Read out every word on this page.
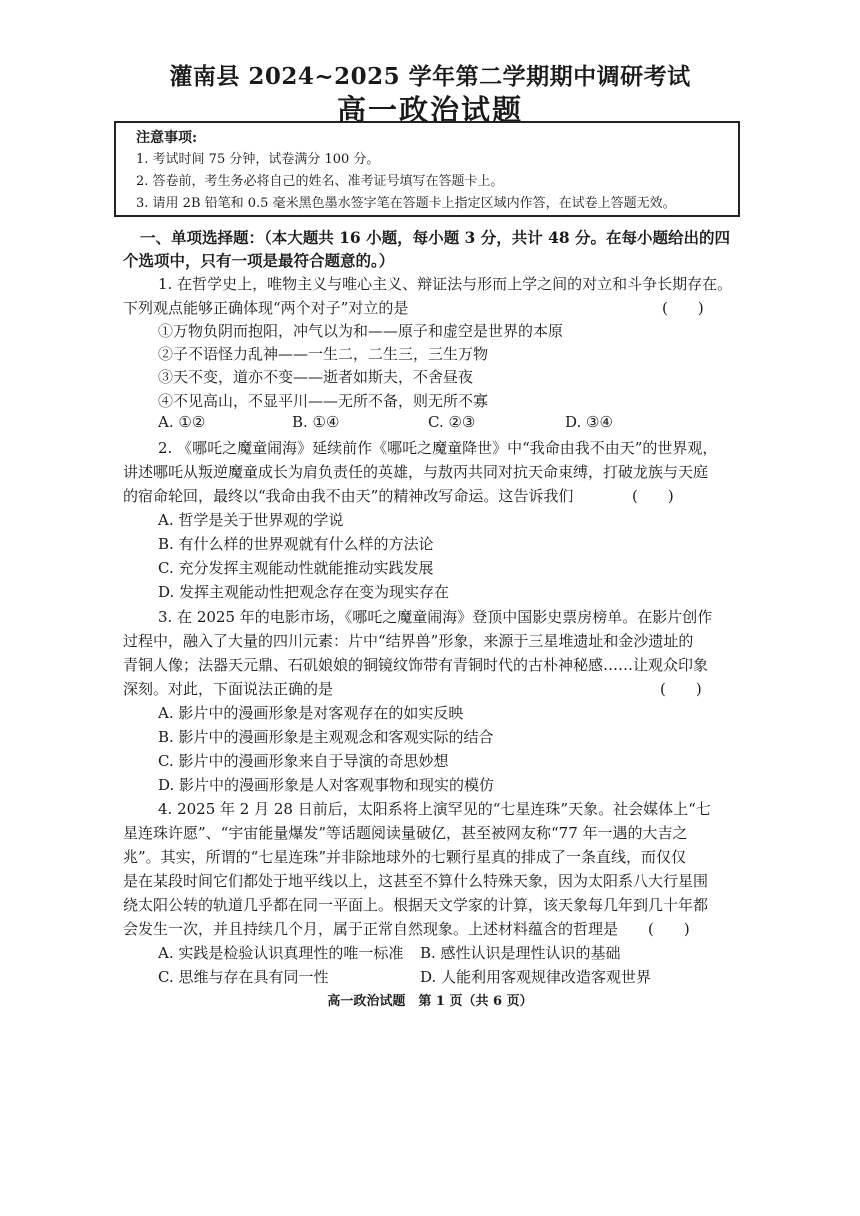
灌南县 2024~2025 学年第二学期期中调研考试
高一政治试题
注意事项:
1. 考试时间 75 分钟，试卷满分 100 分。
2. 答卷前，考生务必将自己的姓名、准考证号填写在答题卡上。
3. 请用 2B 铅笔和 0.5 毫米黑色墨水签字笔在答题卡上指定区域内作答，在试卷上答题无效。
一、单项选择题：（本大题共 16 小题，每小题 3 分，共计 48 分。在每小题给出的四
个选项中，只有一项是最符合题意的。）
1. 在哲学史上，唯物主义与唯心主义、辩证法与形而上学之间的对立和斗争长期存在。
下列观点能够正确体现“两个对子”对立的是	(　　)
①万物负阴而抱阳，冲气以为和——原子和虚空是世界的本原
②子不语怪力乱神——一生二，二生三，三生万物
③天不变，道亦不变——逝者如斯夫，不舍昼夜
④不见高山，不显平川——无所不备，则无所不寡
A. ①②	B. ①④	C. ②③	D. ③④
2. 《哪吒之魔童闹海》延续前作《哪吒之魔童降世》中“我命由我不由天”的世界观，
讲述哪吒从叛逆魔童成长为肩负责任的英雄，与敖丙共同对抗天命束缚，打破龙族与天庭
的宿命轮回，最终以“我命由我不由天”的精神改写命运。这告诉我们	(　　)
A. 哲学是关于世界观的学说
B. 有什么样的世界观就有什么样的方法论
C. 充分发挥主观能动性就能推动实践发展
D. 发挥主观能动性把观念存在变为现实存在
3. 在 2025 年的电影市场，《哪吒之魔童闹海》登顶中国影史票房榜单。在影片创作
过程中，融入了大量的四川元素：片中“结界兽”形象，来源于三星堆遗址和金沙遗址的
青铜人像；法器天元鼎、石矶娘娘的铜镜纹饰带有青铜时代的古朴神秘感……让观众印象
深刻。对此，下面说法正确的是	(　　)
A. 影片中的漫画形象是对客观存在的如实反映
B. 影片中的漫画形象是主观观念和客观实际的结合
C. 影片中的漫画形象来自于导演的奇思妙想
D. 影片中的漫画形象是人对客观事物和现实的模仿
4. 2025 年 2 月 28 日前后，太阳系将上演罕见的“七星连珠”天象。社会媒体上“七
星连珠许愿”、“宇宙能量爆发”等话题阅读量破亿，甚至被网友称“77 年一遇的大吉之
兆”。其实，所谓的“七星连珠”并非除地球外的七颗行星真的排成了一条直线，而仅仅
是在某段时间它们都处于地平线以上，这甚至不算什么特殊天象，因为太阳系八大行星围
绕太阳公转的轨道几乎都在同一平面上。根据天文学家的计算，该天象每几年到几十年都
会发生一次，并且持续几个月，属于正常自然现象。上述材料蕴含的哲理是 (　　)
A. 实践是检验认识真理性的唯一标准 B. 感性认识是理性认识的基础
C. 思维与存在具有同一性	D. 人能利用客观规律改造客观世界
高一政治试题　第 1 页（共 6 页）
